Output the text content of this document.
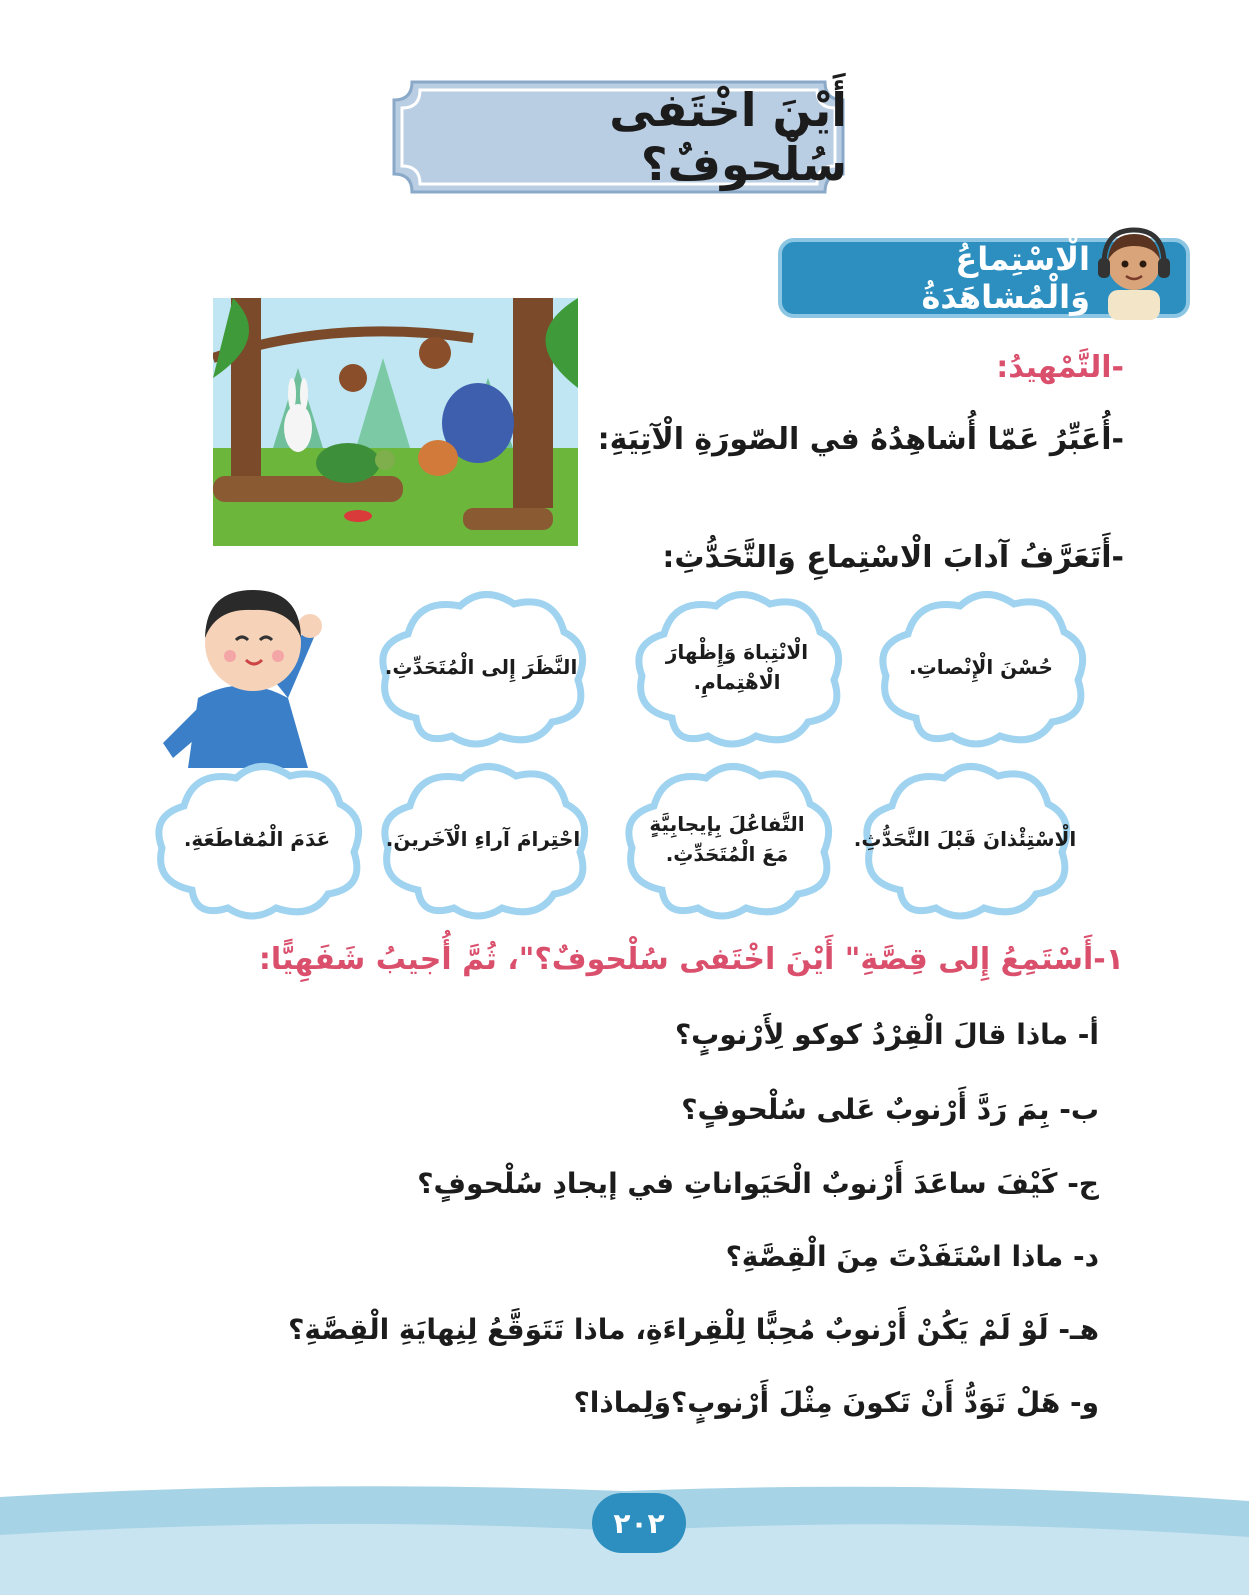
أَيْنَ اخْتَفى سُلْحوفٌ؟
الْاسْتِماعُ وَالْمُشاهَدَةُ
-التَّمْهيدُ:
-أُعَبِّرُ عَمّا أُشاهِدُهُ في الصّورَةِ الْآتِيَةِ:
-أَتَعَرَّفُ آدابَ الْاسْتِماعِ وَالتَّحَدُّثِ:
حُسْنَ الْإِنْصاتِ.
الْانْتِباهَ وَإِظْهارَ الْاهْتِمامِ.
النَّظَرَ إِلى الْمُتَحَدِّثِ.
الْاسْتِئْذانَ قَبْلَ التَّحَدُّثِ.
التَّفاعُلَ بِإيجابِيَّةٍ
مَعَ الْمُتَحَدِّثِ.
احْتِرامَ آراءِ الْآخَرينَ.
عَدَمَ الْمُقاطَعَةِ.
١-أَسْتَمِعُ إِلى قِصَّةِ" أَيْنَ اخْتَفى سُلْحوفٌ؟"، ثُمَّ أُجيبُ شَفَهِيًّا:
أ- ماذا قالَ الْقِرْدُ كوكو لِأَرْنوبٍ؟
ب- بِمَ رَدَّ أَرْنوبٌ عَلى سُلْحوفٍ؟
ج- كَيْفَ ساعَدَ أَرْنوبٌ الْحَيَواناتِ في إيجادِ سُلْحوفٍ؟
د- ماذا اسْتَفَدْتَ مِنَ الْقِصَّةِ؟
هـ- لَوْ لَمْ يَكُنْ أَرْنوبٌ مُحِبًّا لِلْقِراءَةِ، ماذا تَتَوَقَّعُ لِنِهايَةِ الْقِصَّةِ؟
و- هَلْ تَوَدُّ أَنْ تَكونَ مِثْلَ أَرْنوبٍ؟وَلِماذا؟
٢٠٢
